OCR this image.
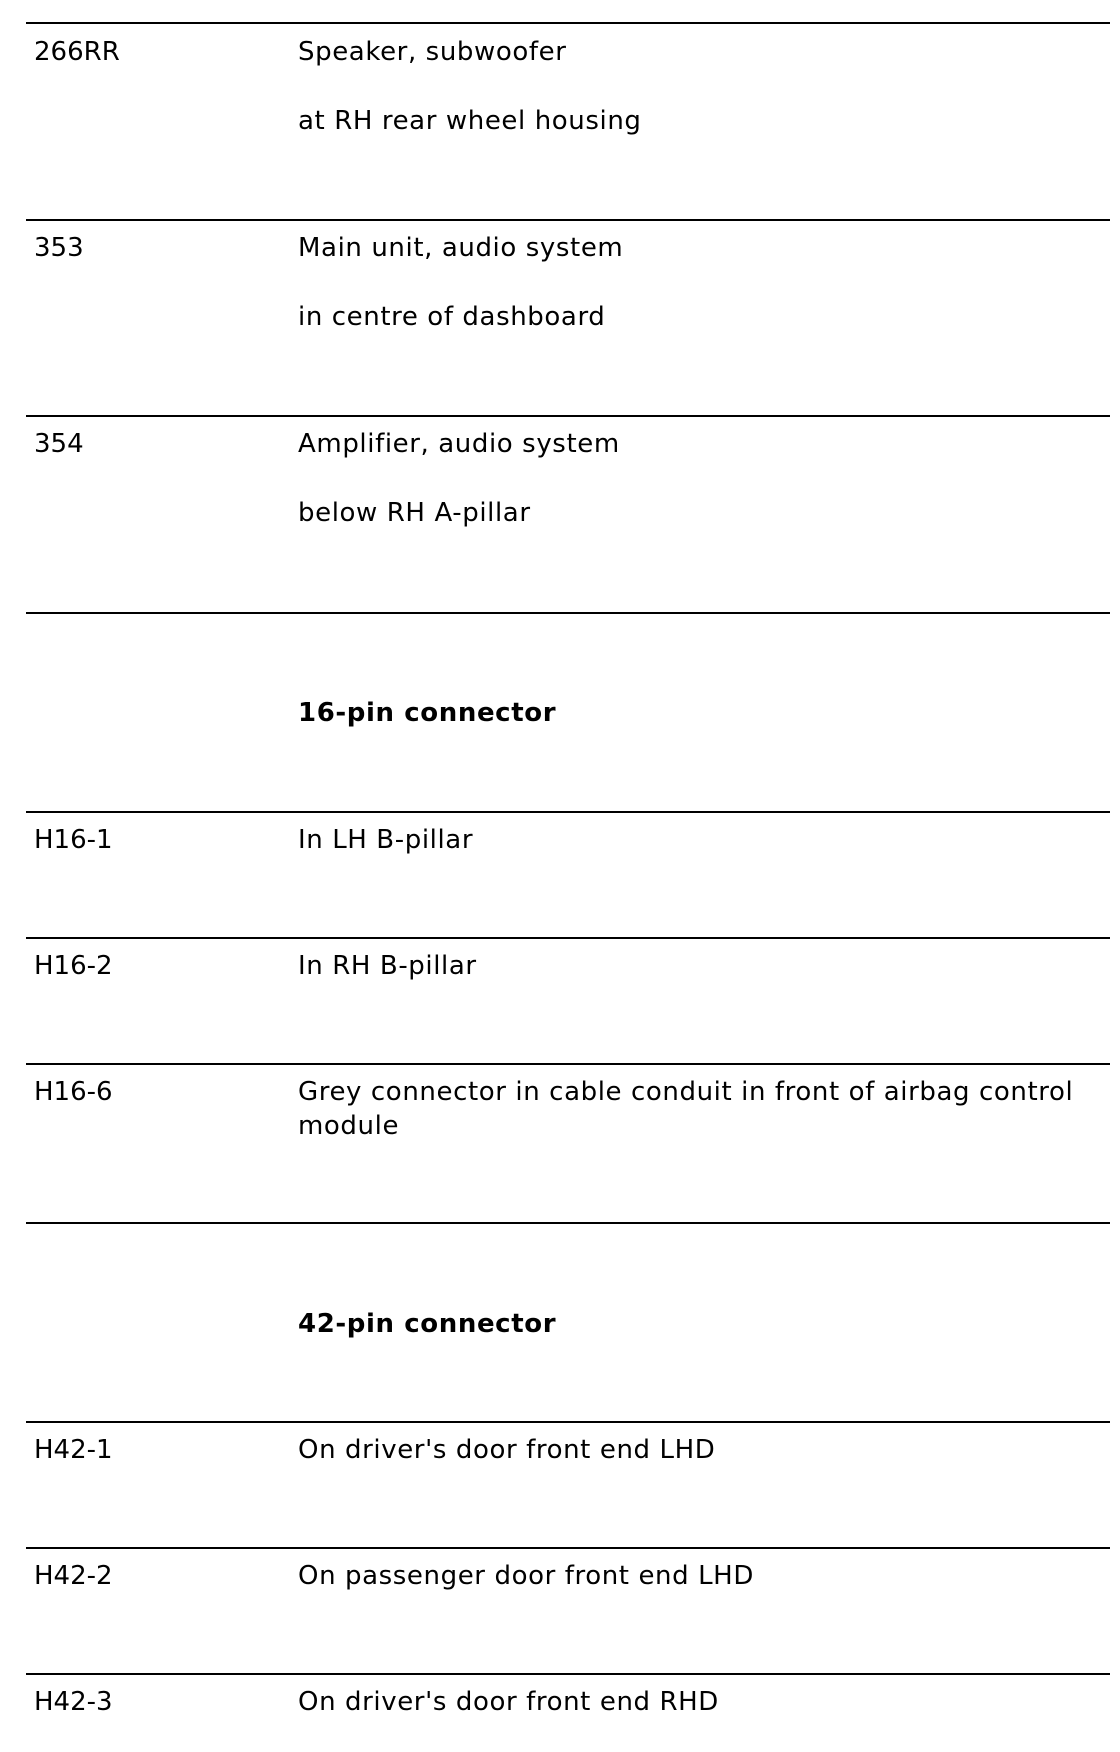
266RR	Speaker, subwoofer
at RH rear wheel housing
353	Main unit, audio system
in centre of dashboard
354	Amplifier, audio system
below RH A-pillar
16-pin connector
H16-1	In LH B-pillar
H16-2	In RH B-pillar
H16-6	Grey connector in cable conduit in front of airbag control module
42-pin connector
H42-1	On driver's door front end LHD
H42-2	On passenger door front end LHD
H42-3	On driver's door front end RHD
